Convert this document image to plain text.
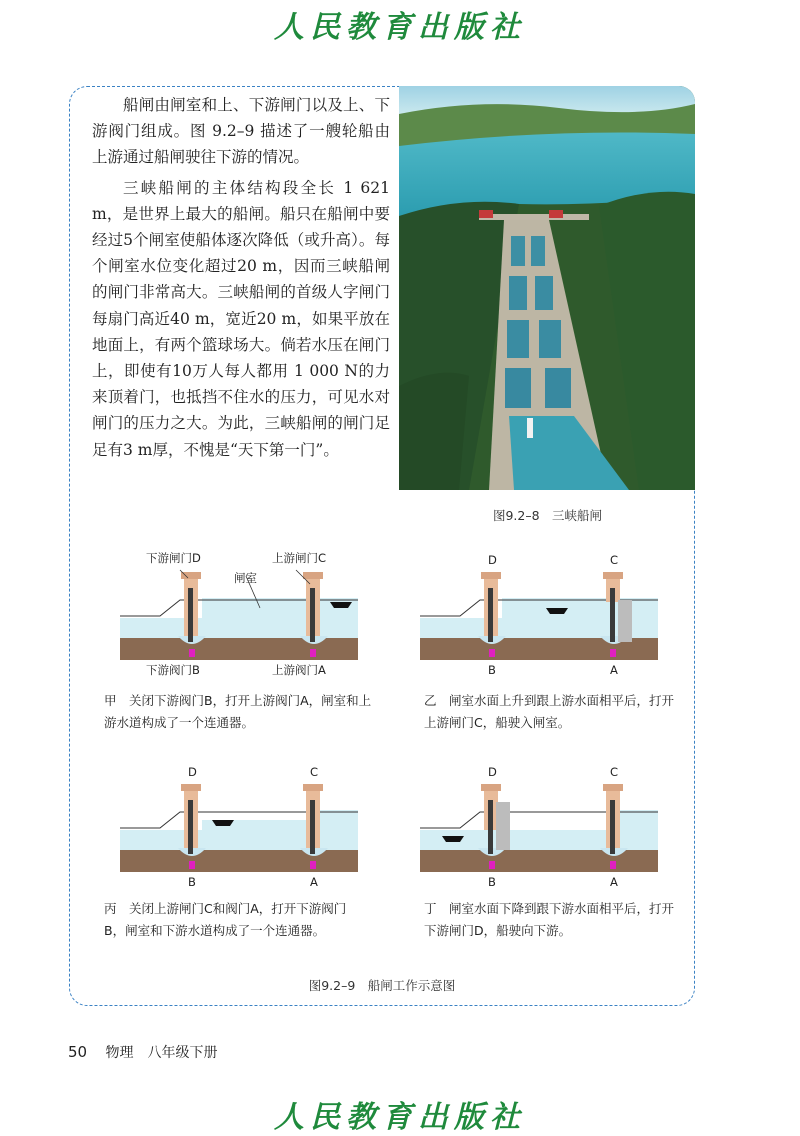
人民教育出版社

船闸由闸室和上、下游闸门以及上、下游阀门组成。图 9.2–9 描述了一艘轮船由上游通过船闸驶往下游的情况。

三峡船闸的主体结构段全长 1 621 m，是世界上最大的船闸。船只在船闸中要经过5个闸室使船体逐次降低（或升高）。每个闸室水位变化超过20 m，因而三峡船闸的闸门非常高大。三峡船闸的首级人字闸门每扇门高近40 m，宽近20 m，如果平放在地面上，有两个篮球场大。倘若水压在闸门上，即使有10万人每人都用 1 000 N的力来顶着门，也抵挡不住水的压力，可见水对闸门的压力之大。为此，三峡船闸的闸门足足有3 m厚，不愧是“天下第一门”。

图9.2–8　三峡船闸
下游闸门D	上游闸门C
闸室
下游阀门B	上游阀门A
甲　关闭下游阀门B，打开上游阀门A，闸室和上游水道构成了一个连通器。
D	C
B	A
乙　闸室水面上升到跟上游水面相平后，打开上游闸门C，船驶入闸室。
D	C
B	A
丙　关闭上游闸门C和阀门A，打开下游阀门B，闸室和下游水道构成了一个连通器。
D	C
B	A
丁　闸室水面下降到跟下游水面相平后，打开下游闸门D，船驶向下游。
图9.2–9　船闸工作示意图
50 物理　八年级下册
人民教育出版社
